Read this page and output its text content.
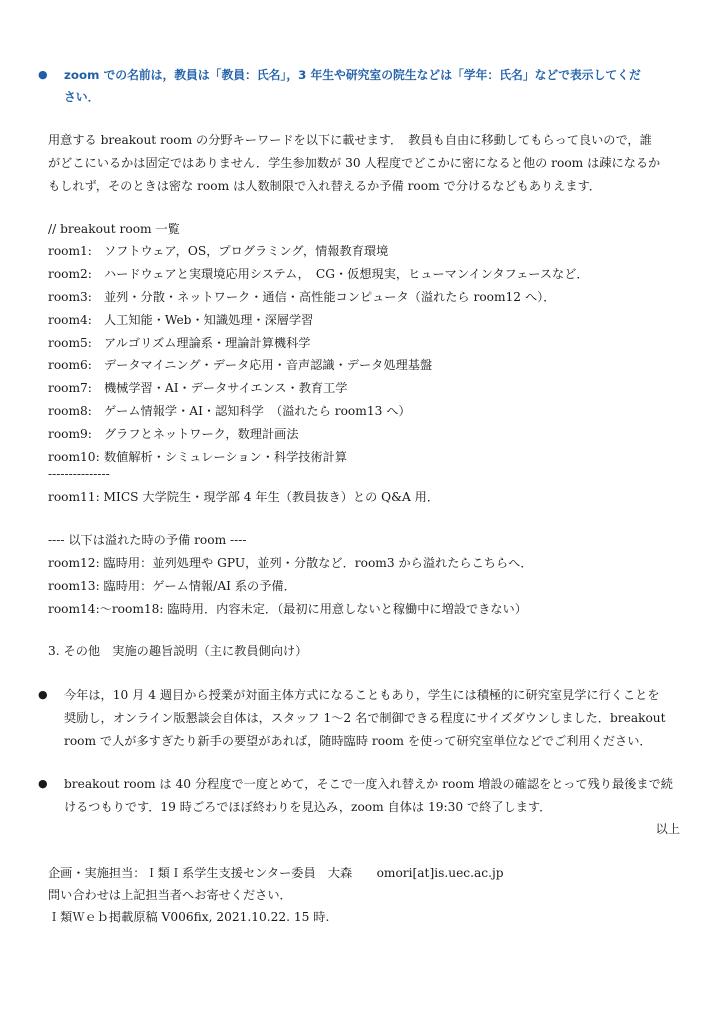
● zoom での名前は，教員は「教員：氏名」，3 年生や研究室の院生などは「学年：氏名」などで表示してくだ
さい．
用意する breakout room の分野キーワードを以下に載せます．　教員も自由に移動してもらって良いので，誰
がどこにいるかは固定ではありません．学生参加数が 30 人程度でどこかに密になると他の room は疎になるか
もしれず，そのときは密な room は人数制限で入れ替えるか予備 room で分けるなどもありえます．
// breakout room 一覧
room1: ソフトウェア，OS，プログラミング，情報教育環境
room2: ハードウェアと実環境応用システム，　CG・仮想現実，ヒューマンインタフェースなど．
room3: 並列・分散・ネットワーク・通信・高性能コンピュータ（溢れたら room12 へ）．
room4: 人工知能・Web・知識処理・深層学習
room5: アルゴリズム理論系・理論計算機科学
room6: データマイニング・データ応用・音声認識・データ処理基盤
room7: 機械学習・AI・データサイエンス・教育工学
room8: ゲーム情報学・AI・認知科学　（溢れたら room13 へ）
room9: グラフとネットワーク，数理計画法
room10: 数値解析・シミュレーション・科学技術計算
---------------
room11: MICS 大学院生・現学部 4 年生（教員抜き）との Q&A 用．
---- 以下は溢れた時の予備 room ----
room12: 臨時用：並列処理や GPU，並列・分散など．room3 から溢れたらこちらへ．
room13: 臨時用：ゲーム情報/AI 系の予備．
room14:～room18: 臨時用．内容未定．（最初に用意しないと稼働中に増設できない）
3. その他　実施の趣旨説明（主に教員側向け）
● 今年は，10 月 4 週目から授業が対面主体方式になることもあり，学生には積極的に研究室見学に行くことを
奨励し，オンライン版懇談会自体は，スタッフ 1～2 名で制御できる程度にサイズダウンしました．breakout
room で人が多すぎたり新手の要望があれば，随時臨時 room を使って研究室単位などでご利用ください．
● breakout room は 40 分程度で一度とめて，そこで一度入れ替えか room 増設の確認をとって残り最後まで続
けるつもりです．19 時ごろでほぼ終わりを見込み，zoom 自体は 19:30 で終了します．
以上
企画・実施担当：Ｉ類Ｉ系学生支援センター委員　大森　　omori[at]is.uec.ac.jp
問い合わせは上記担当者へお寄せください．
Ｉ類Ｗｅｂ掲載原稿 V006fix, 2021.10.22. 15 時.
